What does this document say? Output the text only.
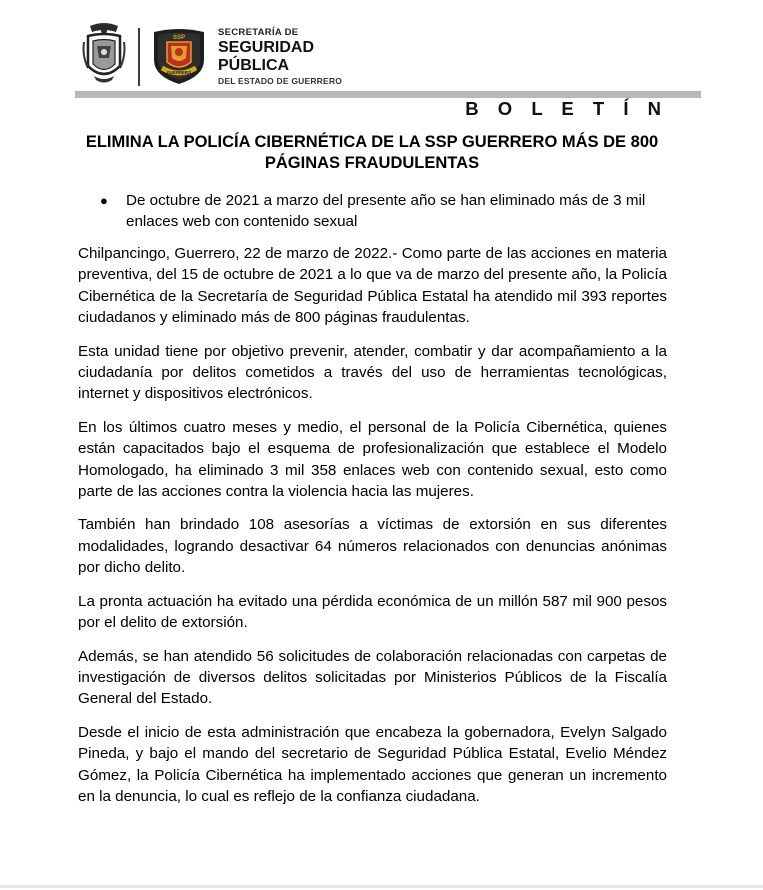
SSP
GUERRERO
SECRETARÍA DE
SEGURIDAD
PÚBLICA
DEL ESTADO DE GUERRERO
B O L E T Í N
ELIMINA LA POLICÍA CIBERNÉTICA DE LA SSP GUERRERO MÁS DE 800 PÁGINAS FRAUDULENTAS
● De octubre de 2021 a marzo del presente año se han eliminado más de 3 mil enlaces web con contenido sexual

Chilpancingo, Guerrero, 22 de marzo de 2022.- Como parte de las acciones en materia preventiva, del 15 de octubre de 2021 a lo que va de marzo del presente año, la Policía Cibernética de la Secretaría de Seguridad Pública Estatal ha atendido mil 393 reportes ciudadanos y eliminado más de 800 páginas fraudulentas.

Esta unidad tiene por objetivo prevenir, atender, combatir y dar acompañamiento a la ciudadanía por delitos cometidos a través del uso de herramientas tecnológicas, internet y dispositivos electrónicos.

En los últimos cuatro meses y medio, el personal de la Policía Cibernética, quienes están capacitados bajo el esquema de profesionalización que establece el Modelo Homologado, ha eliminado 3 mil 358 enlaces web con contenido sexual, esto como parte de las acciones contra la violencia hacia las mujeres.

También han brindado 108 asesorías a víctimas de extorsión en sus diferentes modalidades, logrando desactivar 64 números relacionados con denuncias anónimas por dicho delito.

La pronta actuación ha evitado una pérdida económica de un millón 587 mil 900 pesos por el delito de extorsión.

Además, se han atendido 56 solicitudes de colaboración relacionadas con carpetas de investigación de diversos delitos solicitadas por Ministerios Públicos de la Fiscalía General del Estado.

Desde el inicio de esta administración que encabeza la gobernadora, Evelyn Salgado Pineda, y bajo el mando del secretario de Seguridad Pública Estatal, Evelio Méndez Gómez, la Policía Cibernética ha implementado acciones que generan un incremento en la denuncia, lo cual es reflejo de la confianza ciudadana.
